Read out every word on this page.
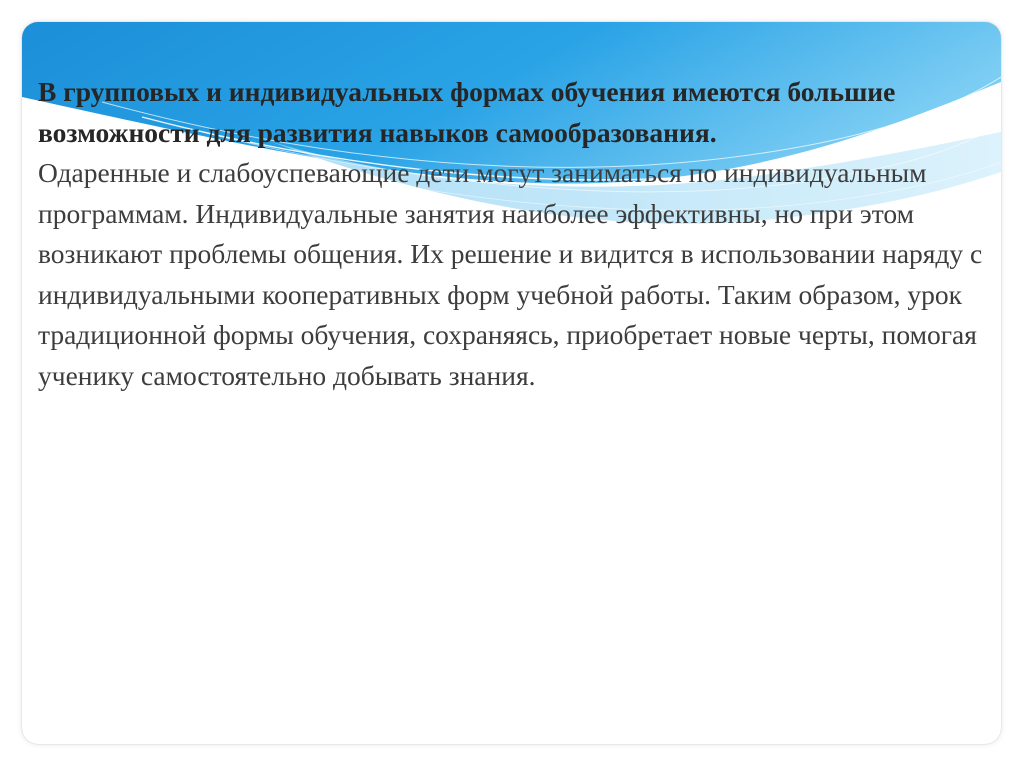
В групповых и индивидуальных формах обучения имеются большие возможности для развития навыков самообразования.

Одаренные и слабоуспевающие дети могут заниматься по индивидуальным программам. Индивидуальные занятия наиболее эффективны, но при этом возникают проблемы общения. Их решение и видится в использовании наряду с индивидуальными кооперативных форм учебной работы. Таким образом, урок традиционной формы обучения, сохраняясь, приобретает новые черты, помогая ученику самостоятельно добывать знания.
